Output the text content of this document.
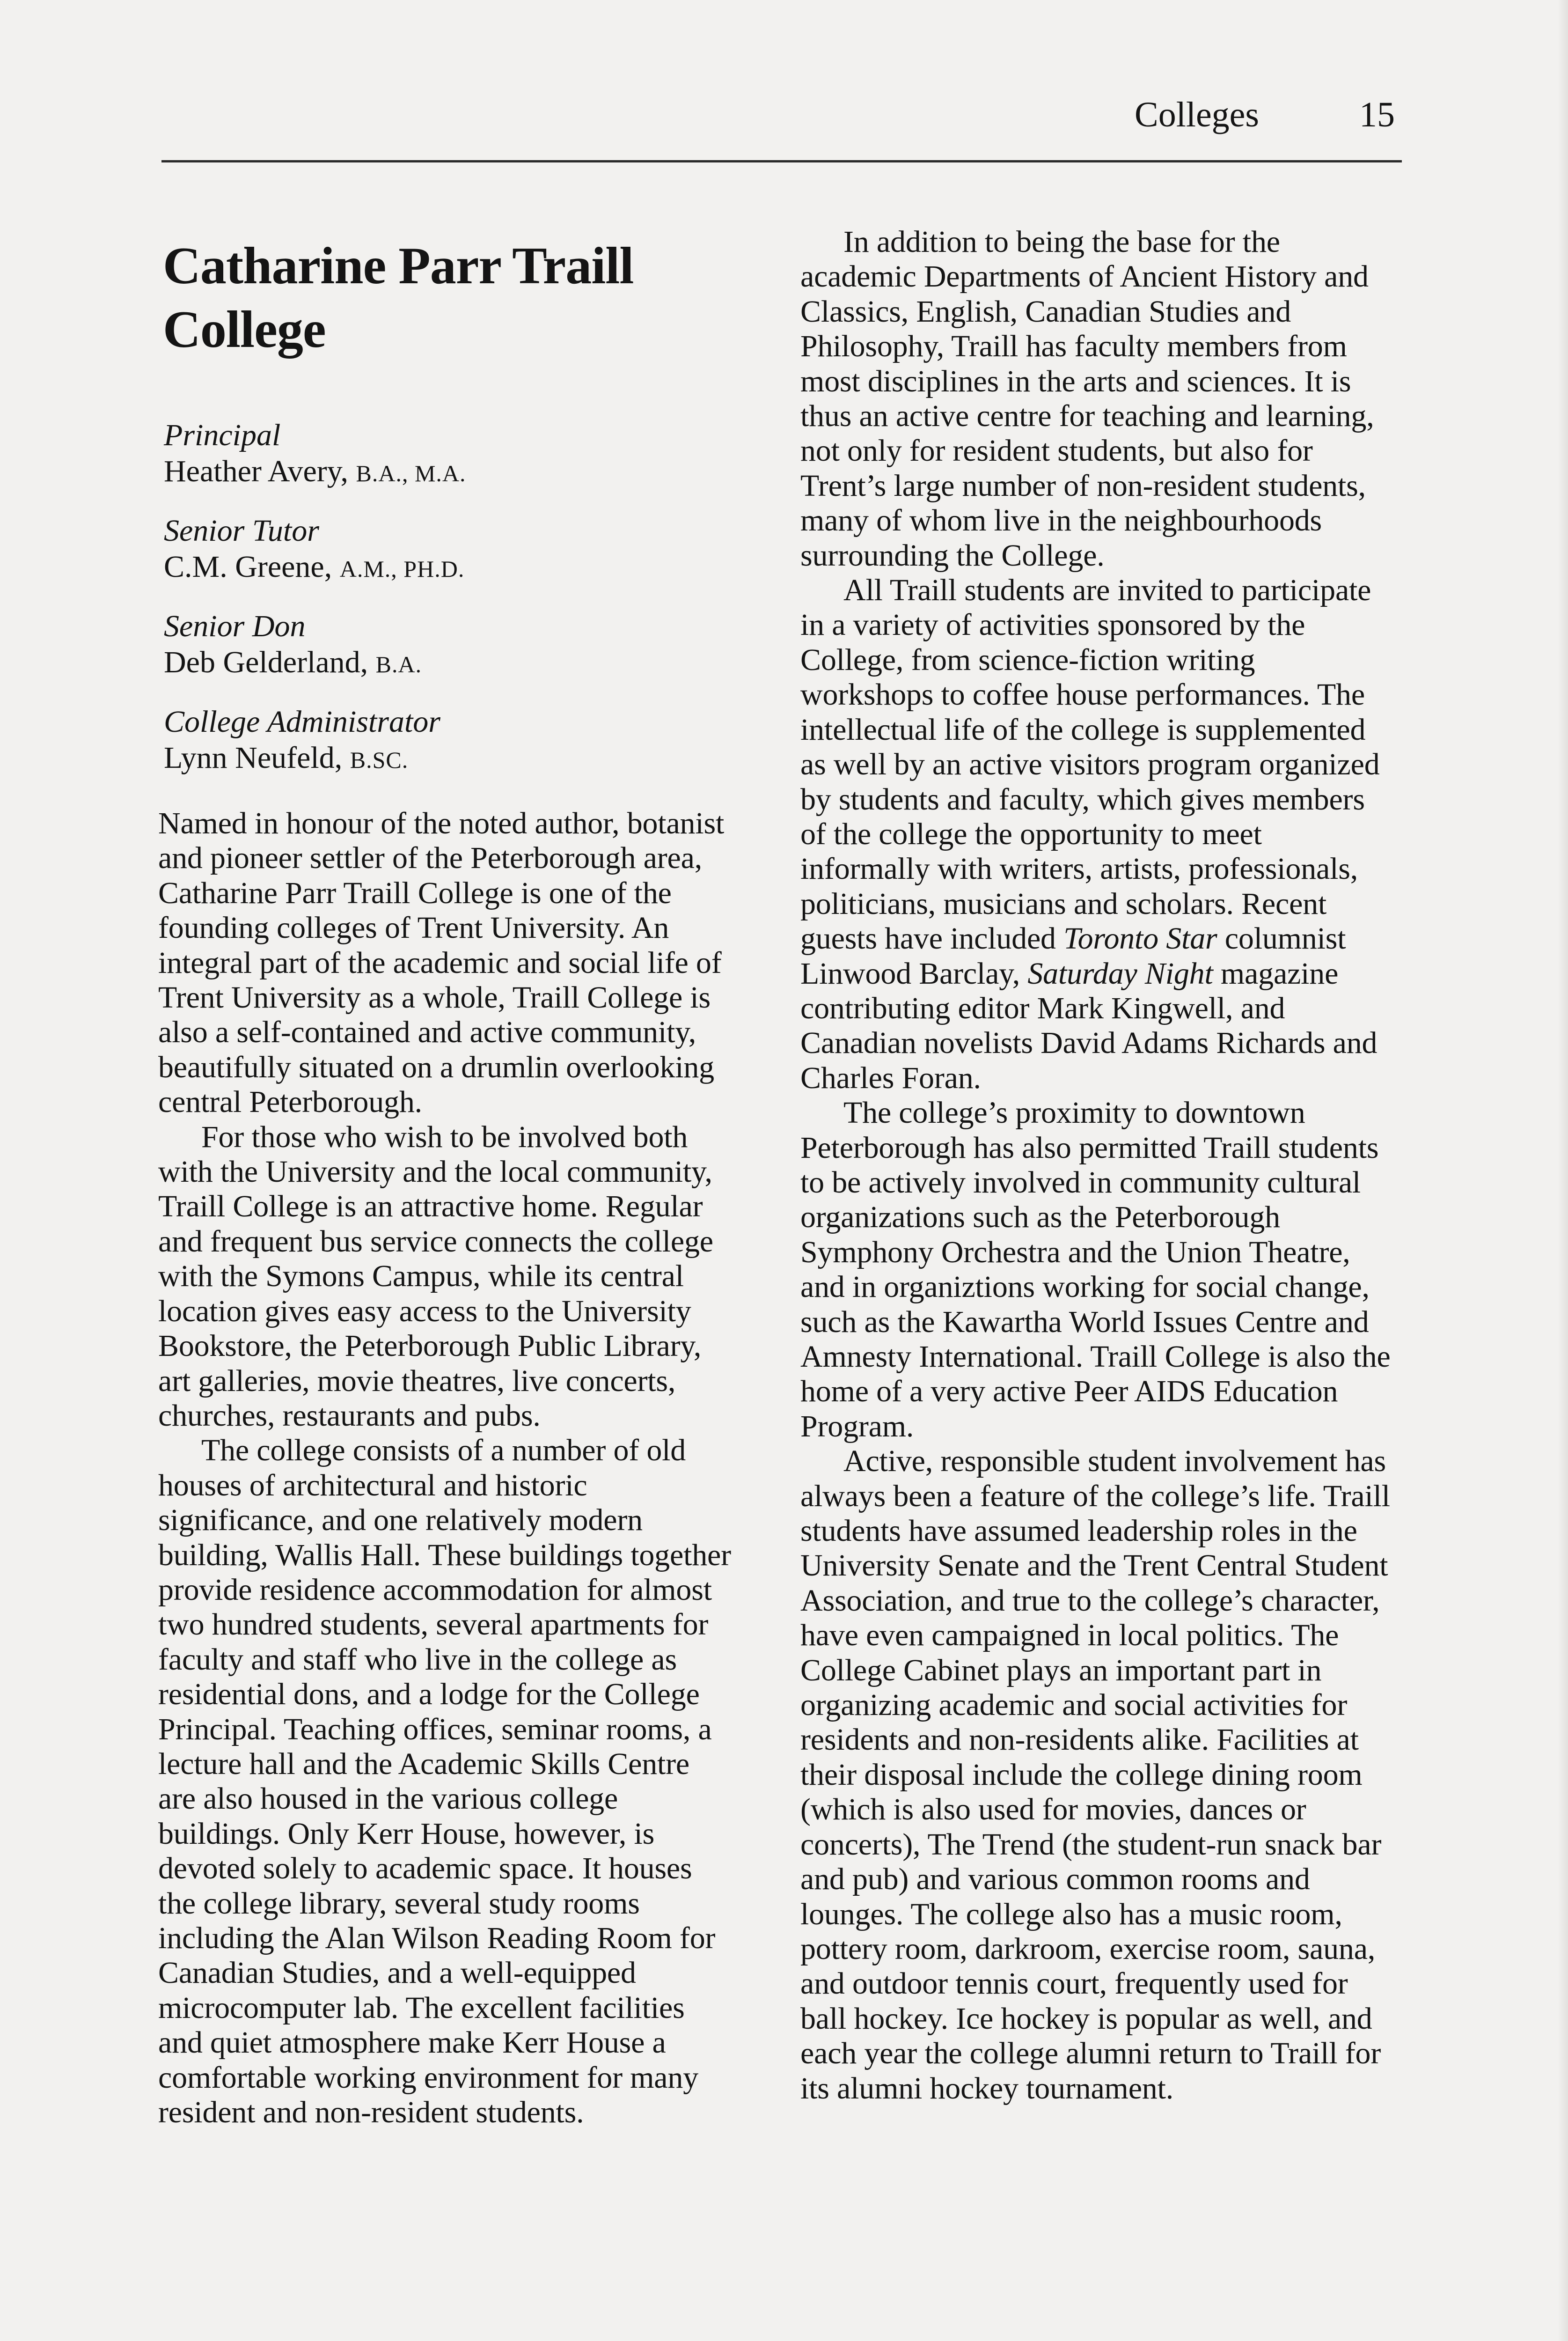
Colleges	15
Catharine Parr Traill
College
Principal
Heather Avery, B.A., M.A.
Senior Tutor
C.M. Greene, A.M., PH.D.
Senior Don
Deb Gelderland, B.A.
College Administrator
Lynn Neufeld, B.SC.

Named in honour of the noted author, botanist and pioneer settler of the Peterborough area, Catharine Parr Traill College is one of the founding colleges of Trent University. An integral part of the academic and social life of Trent University as a whole, Traill College is also a self-contained and active community, beautifully situated on a drumlin overlooking central Peterborough.

For those who wish to be involved both with the University and the local community, Traill College is an attractive home. Regular and frequent bus service connects the college with the Symons Campus, while its central location gives easy access to the University Bookstore, the Peterborough Public Library, art galleries, movie theatres, live concerts, churches, restaurants and pubs.

The college consists of a number of old houses of architectural and historic significance, and one relatively modern building, Wallis Hall. These buildings together provide residence accommodation for almost two hundred students, several apartments for faculty and staff who live in the college as residential dons, and a lodge for the College Principal. Teaching offices, seminar rooms, a lecture hall and the Academic Skills Centre are also housed in the various college buildings. Only Kerr House, however, is devoted solely to academic space. It houses the college library, several study rooms including the Alan Wilson Reading Room for Canadian Studies, and a well-equipped microcomputer lab. The excellent facilities and quiet atmosphere make Kerr House a comfortable working environment for many resident and non-resident students.

In addition to being the base for the academic Departments of Ancient History and Classics, English, Canadian Studies and Philosophy, Traill has faculty members from most disciplines in the arts and sciences. It is thus an active centre for teaching and learning, not only for resident students, but also for Trent’s large number of non-resident students, many of whom live in the neighbourhoods surrounding the College.

All Traill students are invited to participate in a variety of activities sponsored by the College, from science-fiction writing workshops to coffee house performances. The intellectual life of the college is supplemented as well by an active visitors program organized by students and faculty, which gives members of the college the opportunity to meet informally with writers, artists, professionals, politicians, musicians and scholars. Recent guests have included Toronto Star columnist Linwood Barclay, Saturday Night magazine contributing editor Mark Kingwell, and Canadian novelists David Adams Richards and Charles Foran.

The college’s proximity to downtown Peterborough has also permitted Traill students to be actively involved in community cultural organizations such as the Peterborough Symphony Orchestra and the Union Theatre, and in organiztions working for social change, such as the Kawartha World Issues Centre and Amnesty International. Traill College is also the home of a very active Peer AIDS Education Program.

Active, responsible student involvement has always been a feature of the college’s life. Traill students have assumed leadership roles in the University Senate and the Trent Central Student Association, and true to the college’s character, have even campaigned in local politics. The College Cabinet plays an important part in organizing academic and social activities for residents and non-residents alike. Facilities at their disposal include the college dining room (which is also used for movies, dances or concerts), The Trend (the student-run snack bar and pub) and various common rooms and lounges. The college also has a music room, pottery room, darkroom, exercise room, sauna, and outdoor tennis court, frequently used for ball hockey. Ice hockey is popular as well, and each year the college alumni return to Traill for its alumni hockey tournament.
